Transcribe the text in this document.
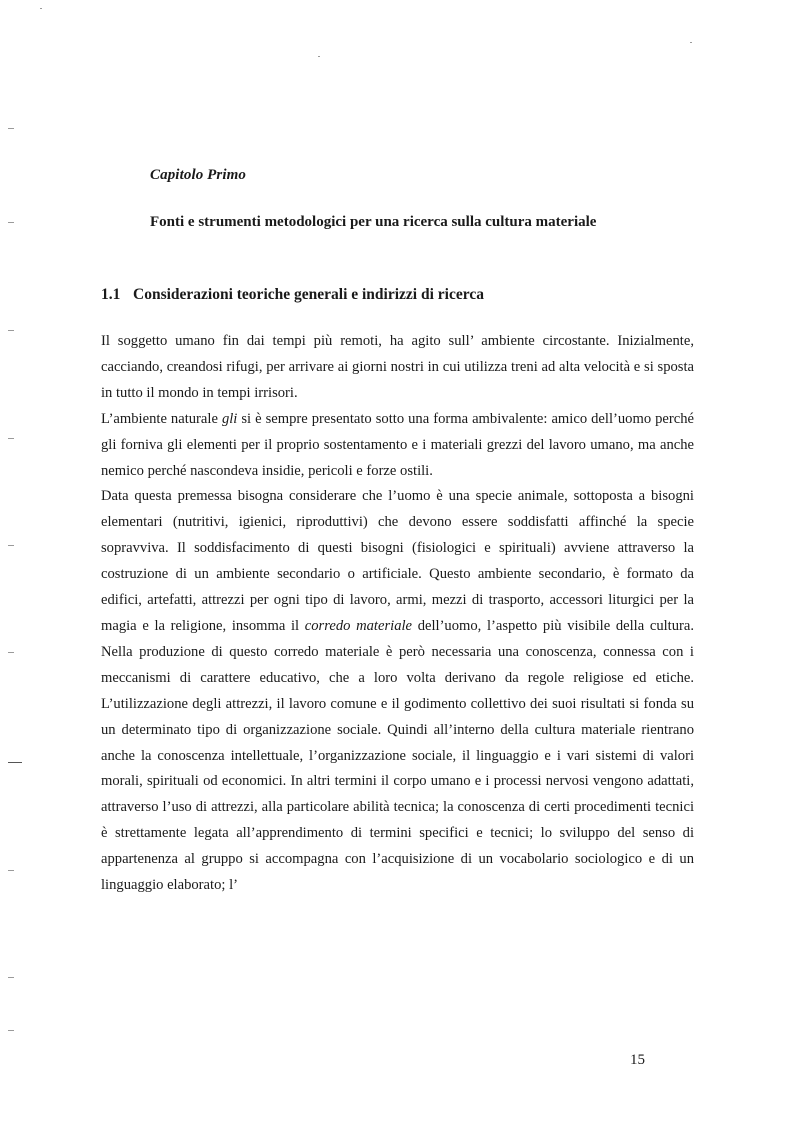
Capitolo Primo
Fonti e strumenti metodologici per una ricerca sulla cultura materiale
1.1 Considerazioni teoriche generali e indirizzi di ricerca

Il soggetto umano fin dai tempi più remoti, ha agito sull’ ambiente circostante. Inizialmente, cacciando, creandosi rifugi, per arrivare ai giorni nostri in cui utilizza treni ad alta velocità e si sposta in tutto il mondo in tempi irrisori.

L’ambiente naturale gli si è sempre presentato sotto una forma ambivalente: amico dell’uomo perché gli forniva gli elementi per il proprio sostentamento e i materiali grezzi del lavoro umano, ma anche nemico perché nascondeva insidie, pericoli e forze ostili.

Data questa premessa bisogna considerare che l’uomo è una specie animale, sottoposta a bisogni elementari (nutritivi, igienici, riproduttivi) che devono essere soddisfatti affinché la specie sopravviva. Il soddisfacimento di questi bisogni (fisiologici e spirituali) avviene attraverso la costruzione di un ambiente secondario o artificiale. Questo ambiente secondario, è formato da edifici, artefatti, attrezzi per ogni tipo di lavoro, armi, mezzi di trasporto, accessori liturgici per la magia e la religione, insomma il corredo materiale dell’uomo, l’aspetto più visibile della cultura. Nella produzione di questo corredo materiale è però necessaria una conoscenza, connessa con i meccanismi di carattere educativo, che a loro volta derivano da regole religiose ed etiche. L’utilizzazione degli attrezzi, il lavoro comune e il godimento collettivo dei suoi risultati si fonda su un determinato tipo di organizzazione sociale. Quindi all’interno della cultura materiale rientrano anche la conoscenza intellettuale, l’organizzazione sociale, il linguaggio e i vari sistemi di valori morali, spirituali od economici. In altri termini il corpo umano e i processi nervosi vengono adattati, attraverso l’uso di attrezzi, alla particolare abilità tecnica; la conoscenza di certi procedimenti tecnici è strettamente legata all’apprendimento di termini specifici e tecnici; lo sviluppo del senso di appartenenza al gruppo si accompagna con l’acquisizione di un vocabolario sociologico e di un linguaggio elaborato; l’

15
